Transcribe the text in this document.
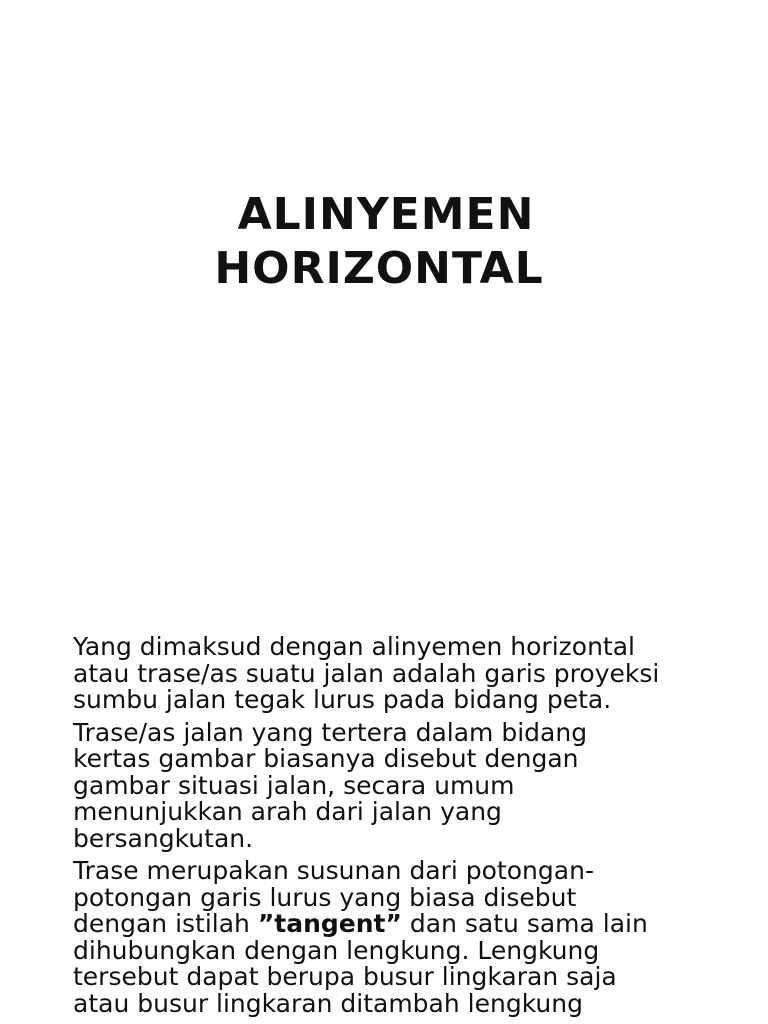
ALINYEMEN
HORIZONTAL

Yang dimaksud dengan alinyemen horizontal
atau trase/as suatu jalan adalah garis proyeksi
sumbu jalan tegak lurus pada bidang peta.

Trase/as jalan yang tertera dalam bidang
kertas gambar biasanya disebut dengan
gambar situasi jalan, secara umum
menunjukkan arah dari jalan yang
bersangkutan.

Trase merupakan susunan dari potongan-
potongan garis lurus yang biasa disebut
dengan istilah ”tangent” dan satu sama lain
dihubungkan dengan lengkung. Lengkung
tersebut dapat berupa busur lingkaran saja
atau busur lingkaran ditambah lengkung
